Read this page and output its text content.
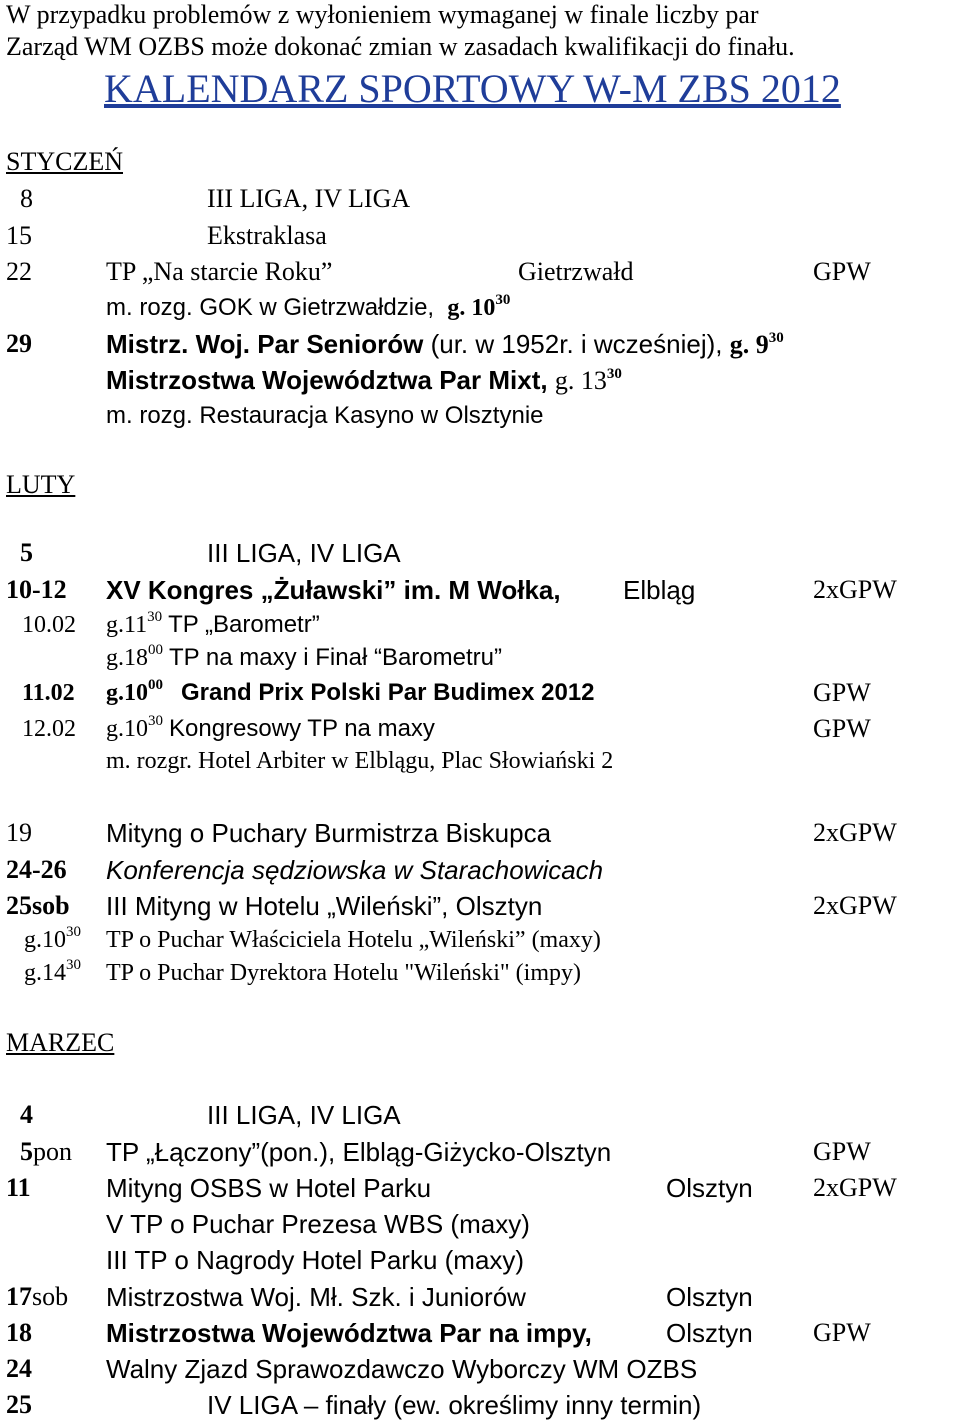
W przypadku problemów z wyłonieniem wymaganej w finale liczby par
Zarząd WM OZBS może dokonać zmian w zasadach kwalifikacji do finału.
KALENDARZ SPORTOWY W-M ZBS 2012
STYCZEŃ
8	III LIGA, IV LIGA
15	Ekstraklasa
22	TP „Na starcie Roku”	Gietrzwałd	GPW
m. rozg. GOK w Gietrzwałdzie, g. $10^{30}$
29	Mistrz. Woj. Par Seniorów (ur. w 1952r. i wcześniej), g. $9^{30}$
Mistrzostwa Województwa Par Mixt, g. $13^{30}$
m. rozg. Restauracja Kasyno w Olsztynie
LUTY
5	III LIGA, IV LIGA
10-12 XV Kongres „Żuławski” im. M Wołka, Elbląg	2xGPW
10.02 $g.11^{30}$ TP „Barometr”
$g.18^{00}$ TP na maxy i Finał “Barometru”
11.02 $g.10^{00}$ Grand Prix Polski Par Budimex 2012	GPW
12.02 $g.10^{30}$ Kongresowy TP na maxy	GPW
m. rozgr. Hotel Arbiter w Elblągu, Plac Słowiański 2
19	Mityng o Puchary Burmistrza Biskupca	2xGPW
24-26 Konferencja sędziowska w Starachowicach
25sob III Mityng w Hotelu „Wileński”, Olsztyn	2xGPW
$g.10^{30}$ TP o Puchar Właściciela Hotelu „Wileński” (maxy)
$g.14^{30}$ TP o Puchar Dyrektora Hotelu "Wileński" (impy)
MARZEC
4	III LIGA, IV LIGA
5pon TP „Łączony”(pon.), Elbląg-Giżycko-Olsztyn	GPW
11	Mityng OSBS w Hotel Parku	Olsztyn 2xGPW
V TP o Puchar Prezesa WBS (maxy)
III TP o Nagrody Hotel Parku (maxy)
17sob Mistrzostwa Woj. Mł. Szk. i Juniorów	Olsztyn
18	Mistrzostwa Województwa Par na impy,	Olsztyn GPW
24	Walny Zjazd Sprawozdawczo Wyborczy WM OZBS
25	IV LIGA – finały (ew. określimy inny termin)
